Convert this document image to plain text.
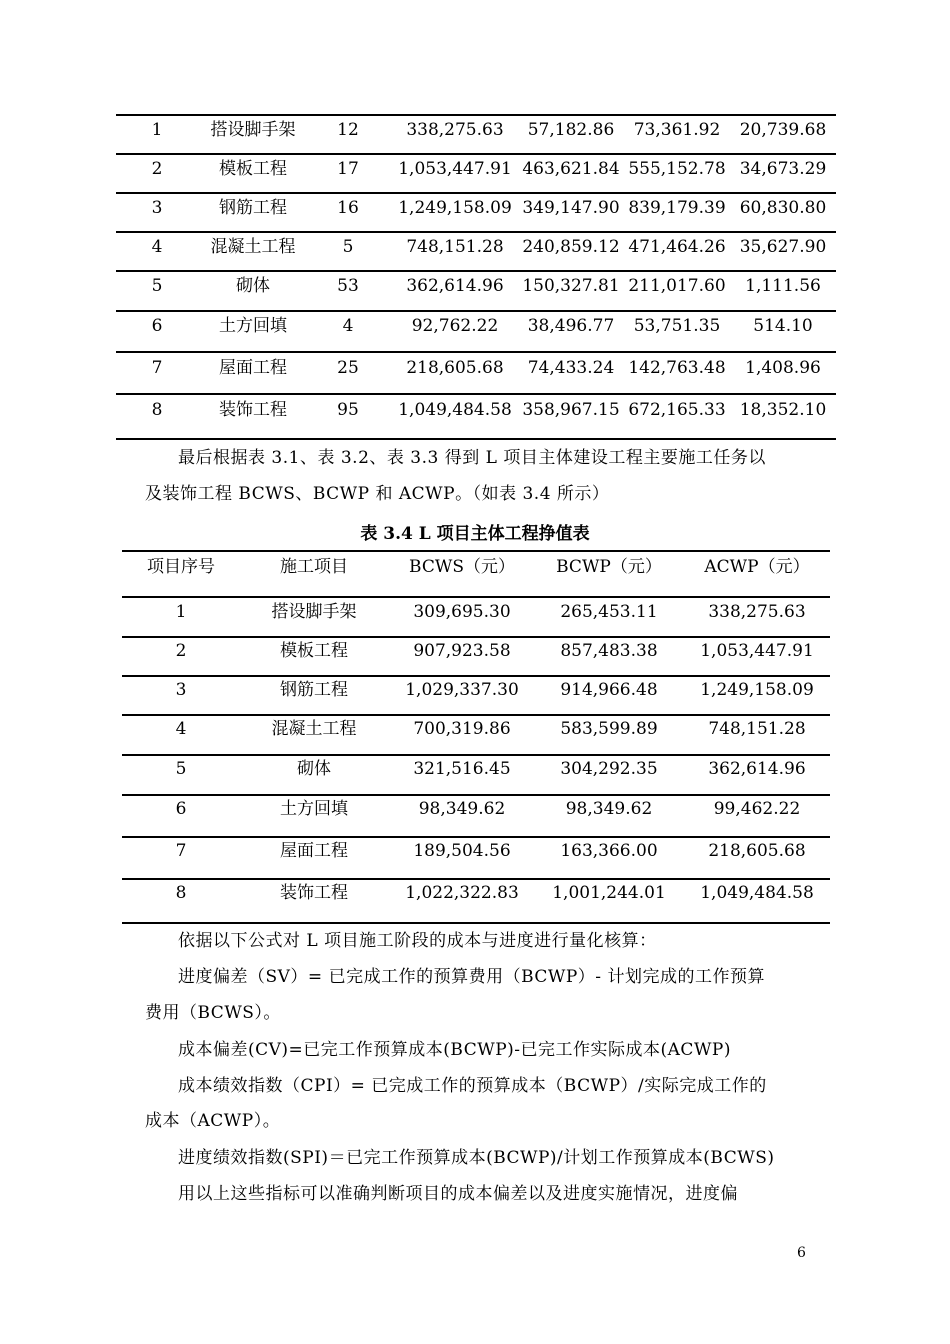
1	搭设脚手架	12	338,275.63	57,182.86	73,361.92	20,739.68
2	模板工程	17	1,053,447.91 463,621.84 555,152.78 34,673.29
3	钢筋工程	16	1,249,158.09 349,147.90 839,179.39 60,830.80
4	混凝土工程	5	748,151.28	240,859.12 471,464.26 35,627.90
5	砌体	53	362,614.96	150,327.81 211,017.60	1,111.56
6	土方回填	4	92,762.22	38,496.77	53,751.35	514.10
7	屋面工程	25	218,605.68	74,433.24 142,763.48	1,408.96
8	装饰工程	95	1,049,484.58 358,967.15 672,165.33 18,352.10
最后根据表 3.1、表 3.2、表 3.3 得到 L 项目主体建设工程主要施工任务以
及装饰工程 BCWS、BCWP 和 ACWP。（如表 3.4 所示）
表 3.4 L 项目主体工程挣值表
项目序号	施工项目	BCWS（元）	BCWP（元）	ACWP（元）
1	搭设脚手架	309,695.30	265,453.11	338,275.63
2	模板工程	907,923.58	857,483.38	1,053,447.91
3	钢筋工程	1,029,337.30	914,966.48	1,249,158.09
4	混凝土工程	700,319.86	583,599.89	748,151.28
5	砌体	321,516.45	304,292.35	362,614.96
6	土方回填	98,349.62	98,349.62	99,462.22
7	屋面工程	189,504.56	163,366.00	218,605.68
8	装饰工程	1,022,322.83	1,001,244.01	1,049,484.58
依据以下公式对 L 项目施工阶段的成本与进度进行量化核算：
进度偏差（SV）= 已完成工作的预算费用（BCWP）- 计划完成的工作预算
费用（BCWS）。
成本偏差(CV)=已完工作预算成本(BCWP)-已完工作实际成本(ACWP)
成本绩效指数（CPI）= 已完成工作的预算成本（BCWP）/实际完成工作的
成本（ACWP）。
进度绩效指数(SPI)＝已完工作预算成本(BCWP)/计划工作预算成本(BCWS)
用以上这些指标可以准确判断项目的成本偏差以及进度实施情况，进度偏
6
